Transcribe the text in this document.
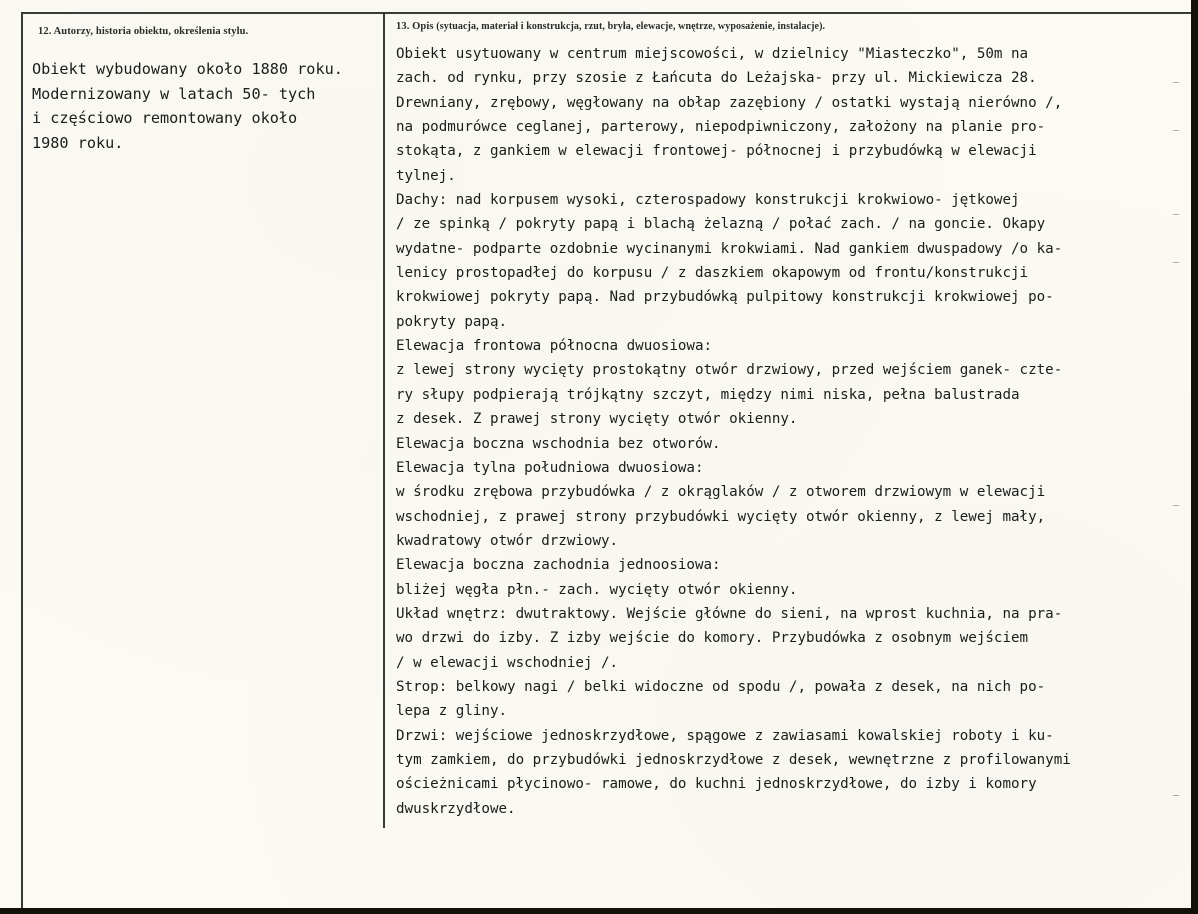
12. Autorzy, historia obiektu, określenia stylu.	13. Opis (sytuacja, materiał i konstrukcja, rzut, bryła, elewacje, wnętrze, wyposażenie, instalacje).
Obiekt wybudowany około 1880 roku.
Modernizowany w latach 50- tych
i częściowo remontowany około
1980 roku.
Obiekt usytuowany w centrum miejscowości, w dzielnicy "Miasteczko", 50m na
zach. od rynku, przy szosie z Łańcuta do Leżajska- przy ul. Mickiewicza 28.
Drewniany, zrębowy, węgłowany na obłap zazębiony / ostatki wystają nierówno /,
na podmurówce ceglanej, parterowy, niepodpiwniczony, założony na planie pro-
stokąta, z gankiem w elewacji frontowej- północnej i przybudówką w elewacji
tylnej.
Dachy: nad korpusem wysoki, czterospadowy konstrukcji krokwiowo- jętkowej
/ ze spinką / pokryty papą i blachą żelazną / połać zach. / na goncie. Okapy
wydatne- podparte ozdobnie wycinanymi krokwiami. Nad gankiem dwuspadowy /o ka-
lenicy prostopadłej do korpusu / z daszkiem okapowym od frontu/konstrukcji
krokwiowej pokryty papą. Nad przybudówką pulpitowy konstrukcji krokwiowej po-
pokryty papą.
Elewacja frontowa północna dwuosiowa:
z lewej strony wycięty prostokątny otwór drzwiowy, przed wejściem ganek- czte-
ry słupy podpierają trójkątny szczyt, między nimi niska, pełna balustrada
z desek. Z prawej strony wycięty otwór okienny.
Elewacja boczna wschodnia bez otworów.
Elewacja tylna południowa dwuosiowa:
w środku zrębowa przybudówka / z okrąglaków / z otworem drzwiowym w elewacji
wschodniej, z prawej strony przybudówki wycięty otwór okienny, z lewej mały,
kwadratowy otwór drzwiowy.
Elewacja boczna zachodnia jednoosiowa:
bliżej węgła płn.- zach. wycięty otwór okienny.
Układ wnętrz: dwutraktowy. Wejście główne do sieni, na wprost kuchnia, na pra-
wo drzwi do izby. Z izby wejście do komory. Przybudówka z osobnym wejściem
/ w elewacji wschodniej /.
Strop: belkowy nagi / belki widoczne od spodu /, powała z desek, na nich po-
lepa z gliny.
Drzwi: wejściowe jednoskrzydłowe, spągowe z zawiasami kowalskiej roboty i ku-
tym zamkiem, do przybudówki jednoskrzydłowe z desek, wewnętrzne z profilowanymi
ościeżnicami płycinowo- ramowe, do kuchni jednoskrzydłowe, do izby i komory
dwuskrzydłowe.
